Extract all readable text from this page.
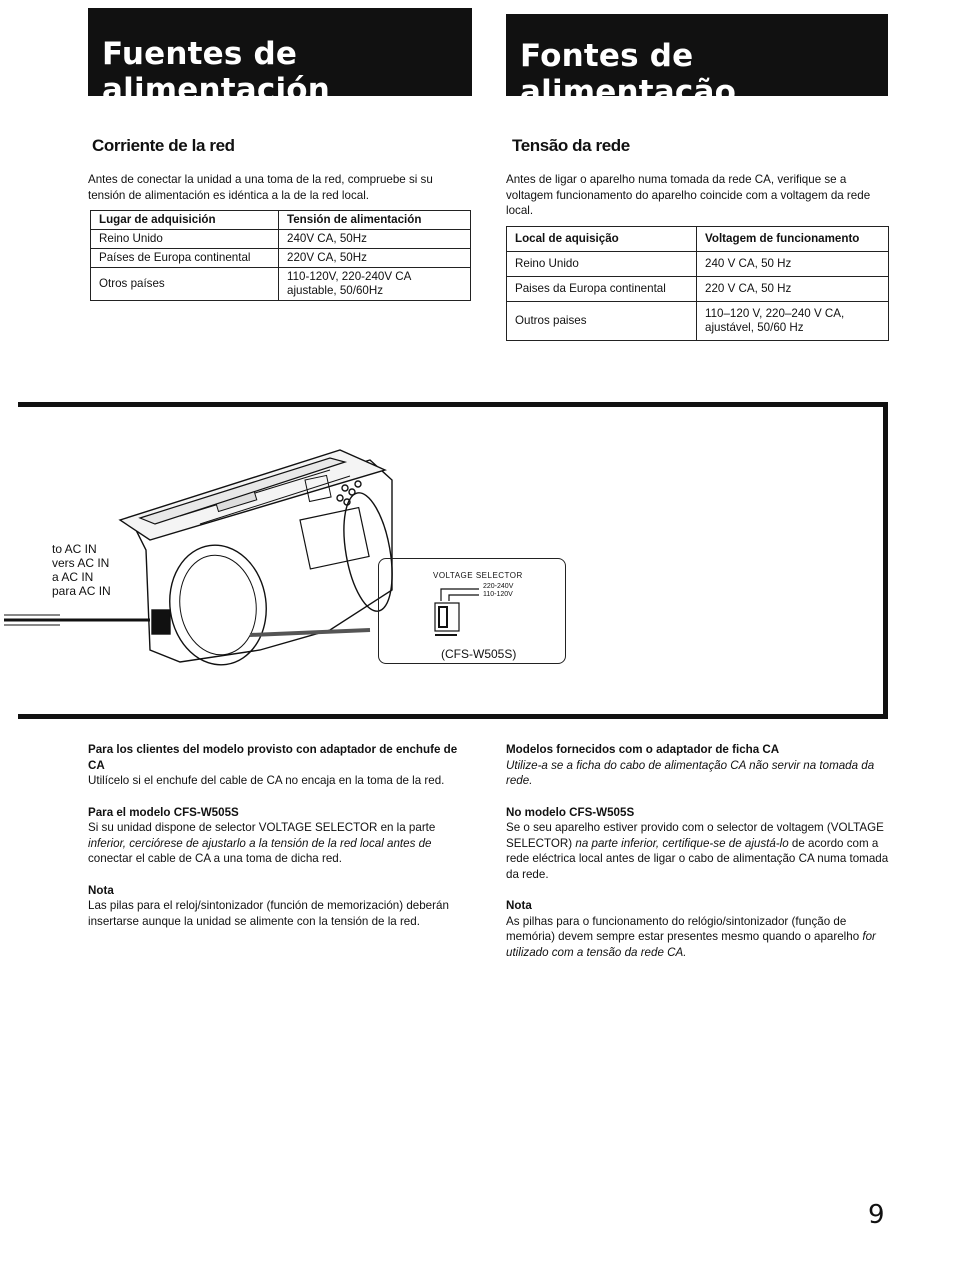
Fuentes de alimentación
Corriente de la red
Antes de conectar la unidad a una toma de la red, compruebe si su tensión de alimentación es idéntica a la de la red local.
Lugar de adquisición	Tensión de alimentación
Reino Unido	240V CA, 50Hz
Países de Europa continental	220V CA, 50Hz
Otros países	110-120V, 220-240V CA ajustable, 50/60Hz
Fontes de alimentação
Tensão da rede
Antes de ligar o aparelho numa tomada da rede CA, verifique se a voltagem funcionamento do aparelho coincide com a voltagem da rede local.
Local de aquisição	Voltagem de funcionamento
Reino Unido	240 V CA, 50 Hz
Paises da Europa continental	220 V CA, 50 Hz
Outros paises	110–120 V, 220–240 V CA, ajustável, 50/60 Hz
to AC IN
vers AC IN
a AC IN
para AC IN
VOLTAGE SELECTOR
220-240V
110-120V
(CFS-W505S)
Para los clientes del modelo provisto con adaptador de enchufe de CA
Utilícelo si el enchufe del cable de CA no encaja en la toma de la red.
Para el modelo CFS-W505S
Si su unidad dispone de selector VOLTAGE SELECTOR en la parte inferior, cerciórese de ajustarlo a la tensión de la red local antes de conectar el cable de CA a una toma de dicha red.
Nota
Las pilas para el reloj/sintonizador (función de memorización) deberán insertarse aunque la unidad se alimente con la tensión de la red.
Modelos fornecidos com o adaptador de ficha CA
Utilize-a se a ficha do cabo de alimentação CA não servir na tomada da rede.
No modelo CFS-W505S
Se o seu aparelho estiver provido com o selector de voltagem (VOLTAGE SELECTOR) na parte inferior, certifique-se de ajustá-lo de acordo com a rede eléctrica local antes de ligar o cabo de alimentação CA numa tomada da rede.
Nota
As pilhas para o funcionamento do relógio/sintonizador (função de memória) devem sempre estar presentes mesmo quando o aparelho for utilizado com a tensão da rede CA.
9
